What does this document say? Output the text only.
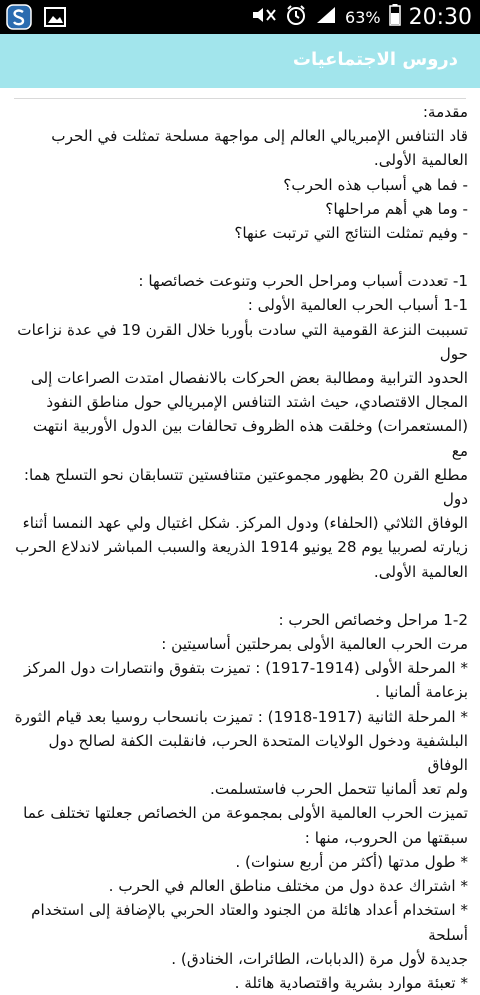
63% 20:30
دروس الاجتماعيات

مقدمة:

قاد التنافس الإمبريالي العالم إلى مواجهة مسلحة تمثلت في الحرب

العالمية الأولى.

- فما هي أسباب هذه الحرب؟

- وما هي أهم مراحلها؟

- وفيم تمثلت النتائج التي ترتبت عنها؟

1- تعددت أسباب ومراحل الحرب وتنوعت خصائصها :

1-1 أسباب الحرب العالمية الأولى :

تسببت النزعة القومية التي سادت بأوربا خلال القرن 19 في عدة نزاعات حول

الحدود الترابية ومطالبة بعض الحركات بالانفصال امتدت الصراعات إلى

المجال الاقتصادي، حيث اشتد التنافس الإمبريالي حول مناطق النفوذ

(المستعمرات) وخلقت هذه الظروف تحالفات بين الدول الأوربية انتهت مع

مطلع القرن 20 بظهور مجموعتين متنافستين تتسابقان نحو التسلح هما: دول

الوفاق الثلاثي (الحلفاء) ودول المركز. شكل اغتيال ولي عهد النمسا أثناء

زيارته لصربيا يوم 28 يونيو 1914 الذريعة والسبب المباشر لاندلاع الحرب

العالمية الأولى.

1-2 مراحل وخصائص الحرب :

مرت الحرب العالمية الأولى بمرحلتين أساسيتين :

* المرحلة الأولى (1914-1917) : تميزت بتفوق وانتصارات دول المركز

بزعامة ألمانيا .

* المرحلة الثانية (1917-1918) : تميزت بانسحاب روسيا بعد قيام الثورة

البلشفية ودخول الولايات المتحدة الحرب، فانقلبت الكفة لصالح دول الوفاق

ولم تعد ألمانيا تتحمل الحرب فاستسلمت.

تميزت الحرب العالمية الأولى بمجموعة من الخصائص جعلتها تختلف عما

سبقتها من الحروب، منها :

* طول مدتها (أكثر من أربع سنوات) .

* اشتراك عدة دول من مختلف مناطق العالم في الحرب .

* استخدام أعداد هائلة من الجنود والعتاد الحربي بالإضافة إلى استخدام أسلحة

جديدة لأول مرة (الدبابات، الطائرات، الخنادق) .

* تعبئة موارد بشرية واقتصادية هائلة .
